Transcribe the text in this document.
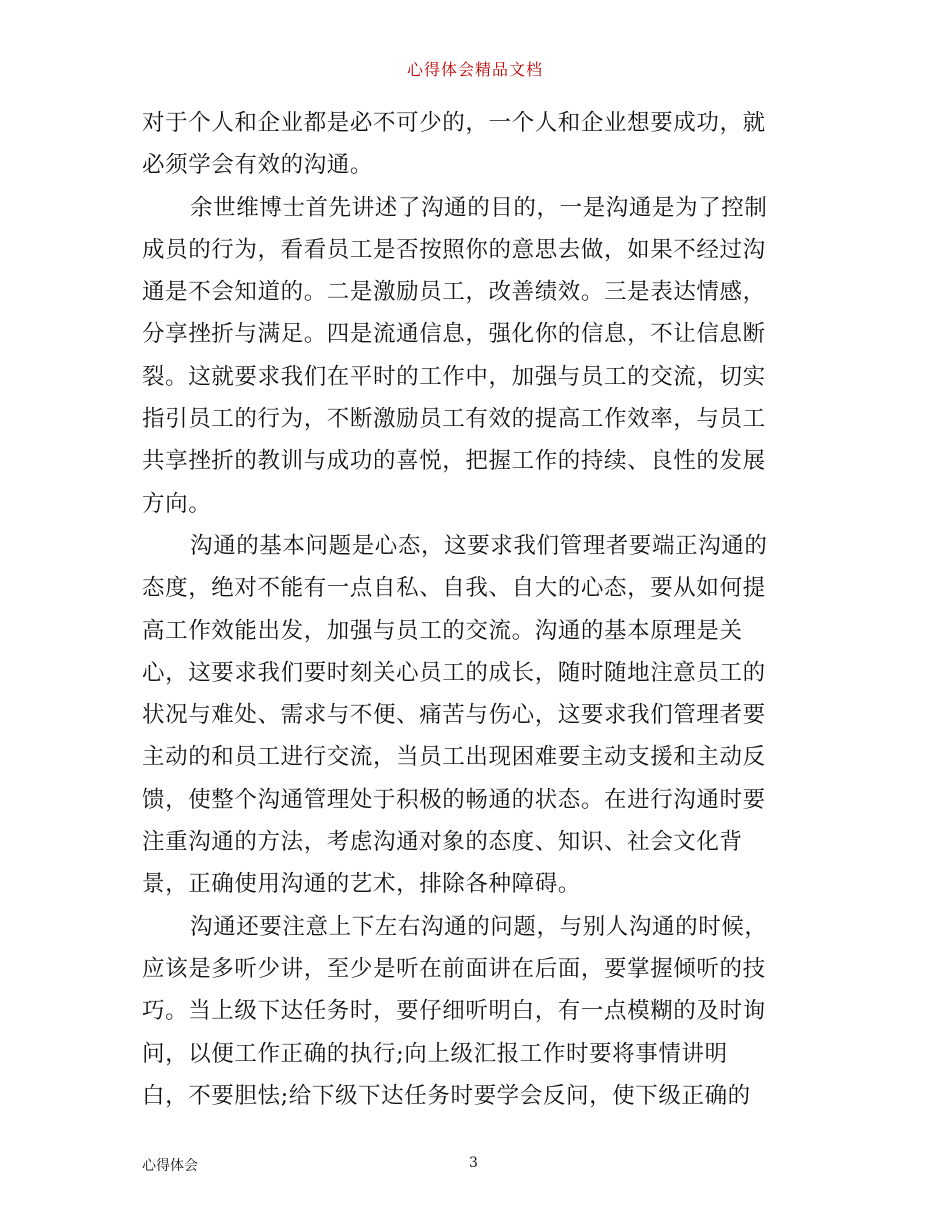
心得体会精品文档
对于个人和企业都是必不可少的，一个人和企业想要成功，就
必须学会有效的沟通。
余世维博士首先讲述了沟通的目的，一是沟通是为了控制
成员的行为，看看员工是否按照你的意思去做，如果不经过沟
通是不会知道的。二是激励员工，改善绩效。三是表达情感，
分享挫折与满足。四是流通信息，强化你的信息，不让信息断
裂。这就要求我们在平时的工作中，加强与员工的交流，切实
指引员工的行为，不断激励员工有效的提高工作效率，与员工
共享挫折的教训与成功的喜悦，把握工作的持续、良性的发展
方向。
沟通的基本问题是心态，这要求我们管理者要端正沟通的
态度，绝对不能有一点自私、自我、自大的心态，要从如何提
高工作效能出发，加强与员工的交流。沟通的基本原理是关
心，这要求我们要时刻关心员工的成长，随时随地注意员工的
状况与难处、需求与不便、痛苦与伤心，这要求我们管理者要
主动的和员工进行交流，当员工出现困难要主动支援和主动反
馈，使整个沟通管理处于积极的畅通的状态。在进行沟通时要
注重沟通的方法，考虑沟通对象的态度、知识、社会文化背
景，正确使用沟通的艺术，排除各种障碍。
沟通还要注意上下左右沟通的问题，与别人沟通的时候，
应该是多听少讲，至少是听在前面讲在后面，要掌握倾听的技
巧。当上级下达任务时，要仔细听明白，有一点模糊的及时询
问，以便工作正确的执行;向上级汇报工作时要将事情讲明
白，不要胆怯;给下级下达任务时要学会反问，使下级正确的
心得体会	3
